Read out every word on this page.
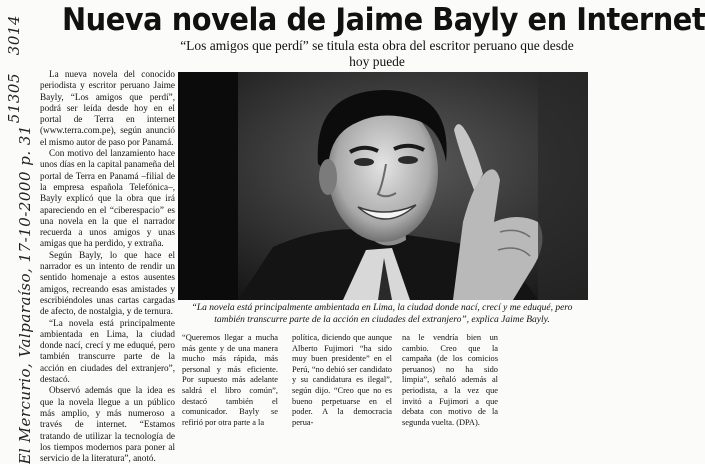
3014
51305
El Mercurio, Valparaíso, 17-10-2000 p. 31
Nueva novela de Jaime Bayly en Internet
“Los amigos que perdí” se titula esta obra del escritor peruano que desde hoy puede

La nueva novela del conocido periodista y escritor peruano Jaime Bayly, “Los amigos que perdí”, podrá ser leída desde hoy en el portal de Terra en internet (www.terra.com.pe), según anunció el mismo autor de paso por Panamá.

Con motivo del lanzamiento hace unos días en la capital panameña del portal de Terra en Panamá –filial de la empresa española Telefónica–, Bayly explicó que la obra que irá apareciendo en el “ciberespacio” es una novela en la que el narrador recuerda a unos amigos y unas amigas que ha perdido, y extraña.

Según Bayly, lo que hace el narrador es un intento de rendir un sentido homenaje a estos ausentes amigos, recreando esas amistades y escribiéndoles unas cartas cargadas de afecto, de nostalgia, y de ternura.

“La novela está principalmente ambientada en Lima, la ciudad donde nací, crecí y me eduqué, pero también transcurre parte de la acción en ciudades del extranjero”, destacó.

Observó además que la idea es que la novela llegue a un público más amplio, y más numeroso a través de internet. “Estamos tratando de utilizar la tecnología de los tiempos modernos para poner al servicio de la literatura”, anotó.

“La novela está principalmente ambientada en Lima, la ciudad donde nací, crecí y me eduqué, pero también transcurre parte de la acción en ciudades del extranjero”, explica Jaime Bayly.
“Queremos llegar a mucha más gente y de una manera mucho más rápida, más personal y más eficiente. Por supuesto más adelante saldrá el libro común”, destacó también el comunicador. Bayly se refirió por otra parte a la
política, diciendo que aunque Alberto Fujimori “ha sido muy buen presidente” en el Perú, “no debió ser candidato y su candidatura es ilegal”, según dijo. “Creo que no es bueno perpetuarse en el poder. A la democracia perua-
na le vendría bien un cambio. Creo que la campaña (de los comicios peruanos) no ha sido limpia”, señaló además al periodista, a la vez que invitó a Fujimori a que debata con motivo de la segunda vuelta. (DPA).
